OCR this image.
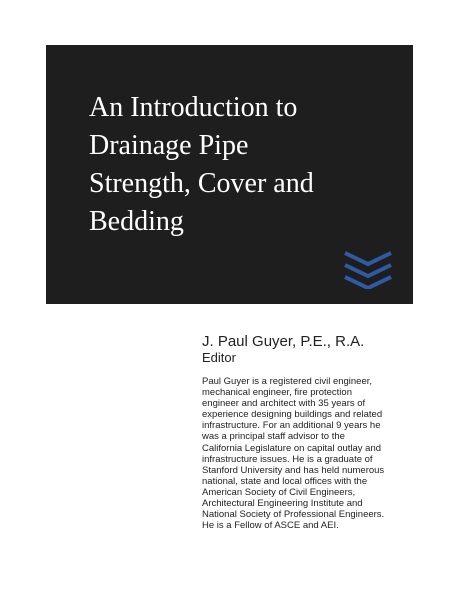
An Introduction to
Drainage Pipe
Strength, Cover and
Bedding

J. Paul Guyer, P.E., R.A.

Editor

Paul Guyer is a registered civil engineer,
mechanical engineer, fire protection
engineer and architect with 35 years of
experience designing buildings and related
infrastructure. For an additional 9 years he
was a principal staff advisor to the
California Legislature on capital outlay and
infrastructure issues. He is a graduate of
Stanford University and has held numerous
national, state and local offices with the
American Society of Civil Engineers,
Architectural Engineering Institute and
National Society of Professional Engineers.
He is a Fellow of ASCE and AEI.
